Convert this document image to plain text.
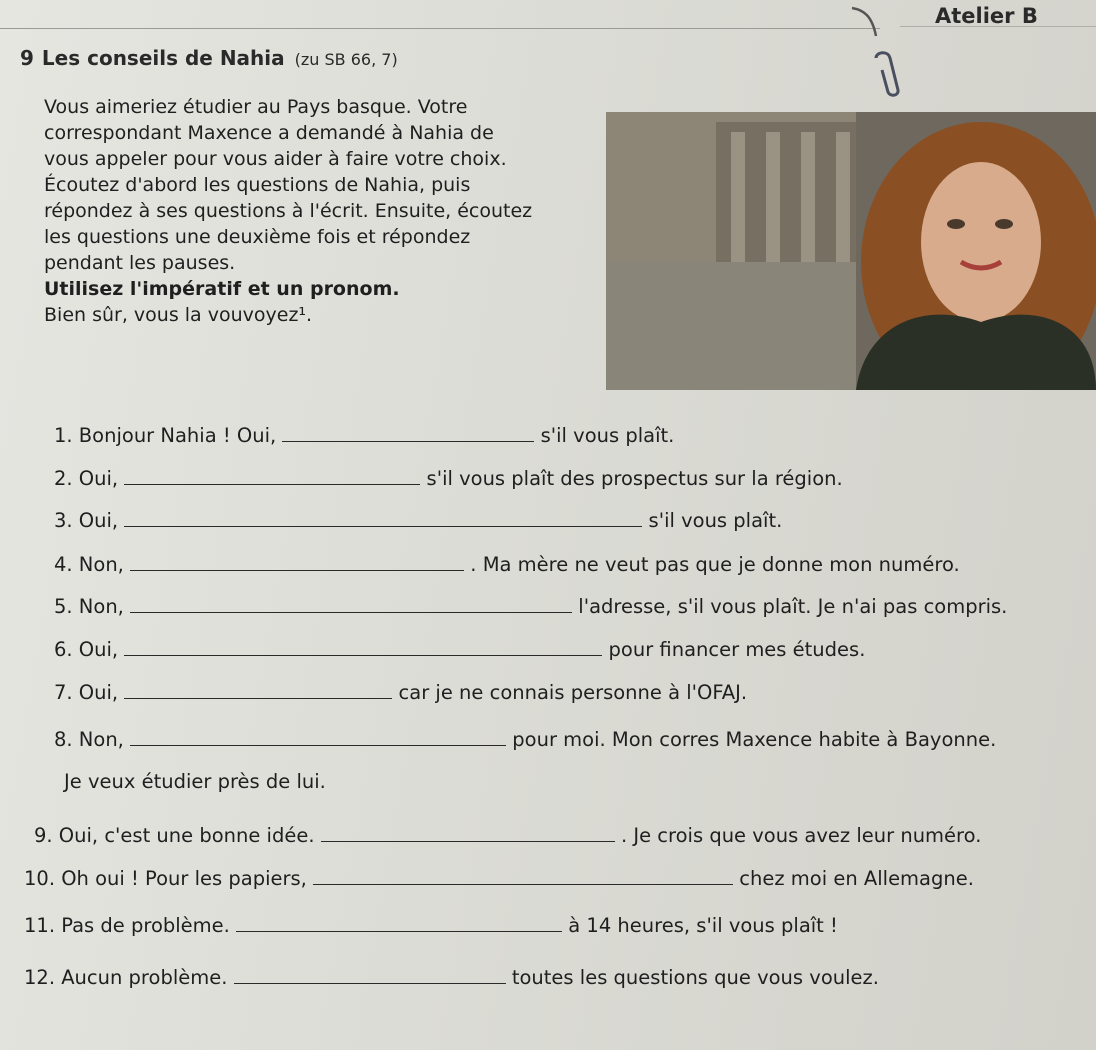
Atelier B
9 Les conseils de Nahia (zu SB 66, 7)
Vous aimeriez étudier au Pays basque. Votre
correspondant Maxence a demandé à Nahia de
vous appeler pour vous aider à faire votre choix.
Écoutez d'abord les questions de Nahia, puis
répondez à ses questions à l'écrit. Ensuite, écoutez
les questions une deuxième fois et répondez
pendant les pauses.
Utilisez l'impératif et un pronom.
Bien sûr, vous la vouvoyez¹.
1. Bonjour Nahia ! Oui,	s'il vous plaît.
2. Oui,	s'il vous plaît des prospectus sur la région.
3. Oui,	s'il vous plaît.
4. Non,	. Ma mère ne veut pas que je donne mon numéro.
5. Non,	l'adresse, s'il vous plaît. Je n'ai pas compris.
6. Oui,	pour financer mes études.
7. Oui,	car je ne connais personne à l'OFAJ.
8. Non,	pour moi. Mon corres Maxence habite à Bayonne.
Je veux étudier près de lui.
9. Oui, c'est une bonne idée.	. Je crois que vous avez leur numéro.
10. Oh oui ! Pour les papiers,	chez moi en Allemagne.
11. Pas de problème.	à 14 heures, s'il vous plaît !
12. Aucun problème.	toutes les questions que vous voulez.
